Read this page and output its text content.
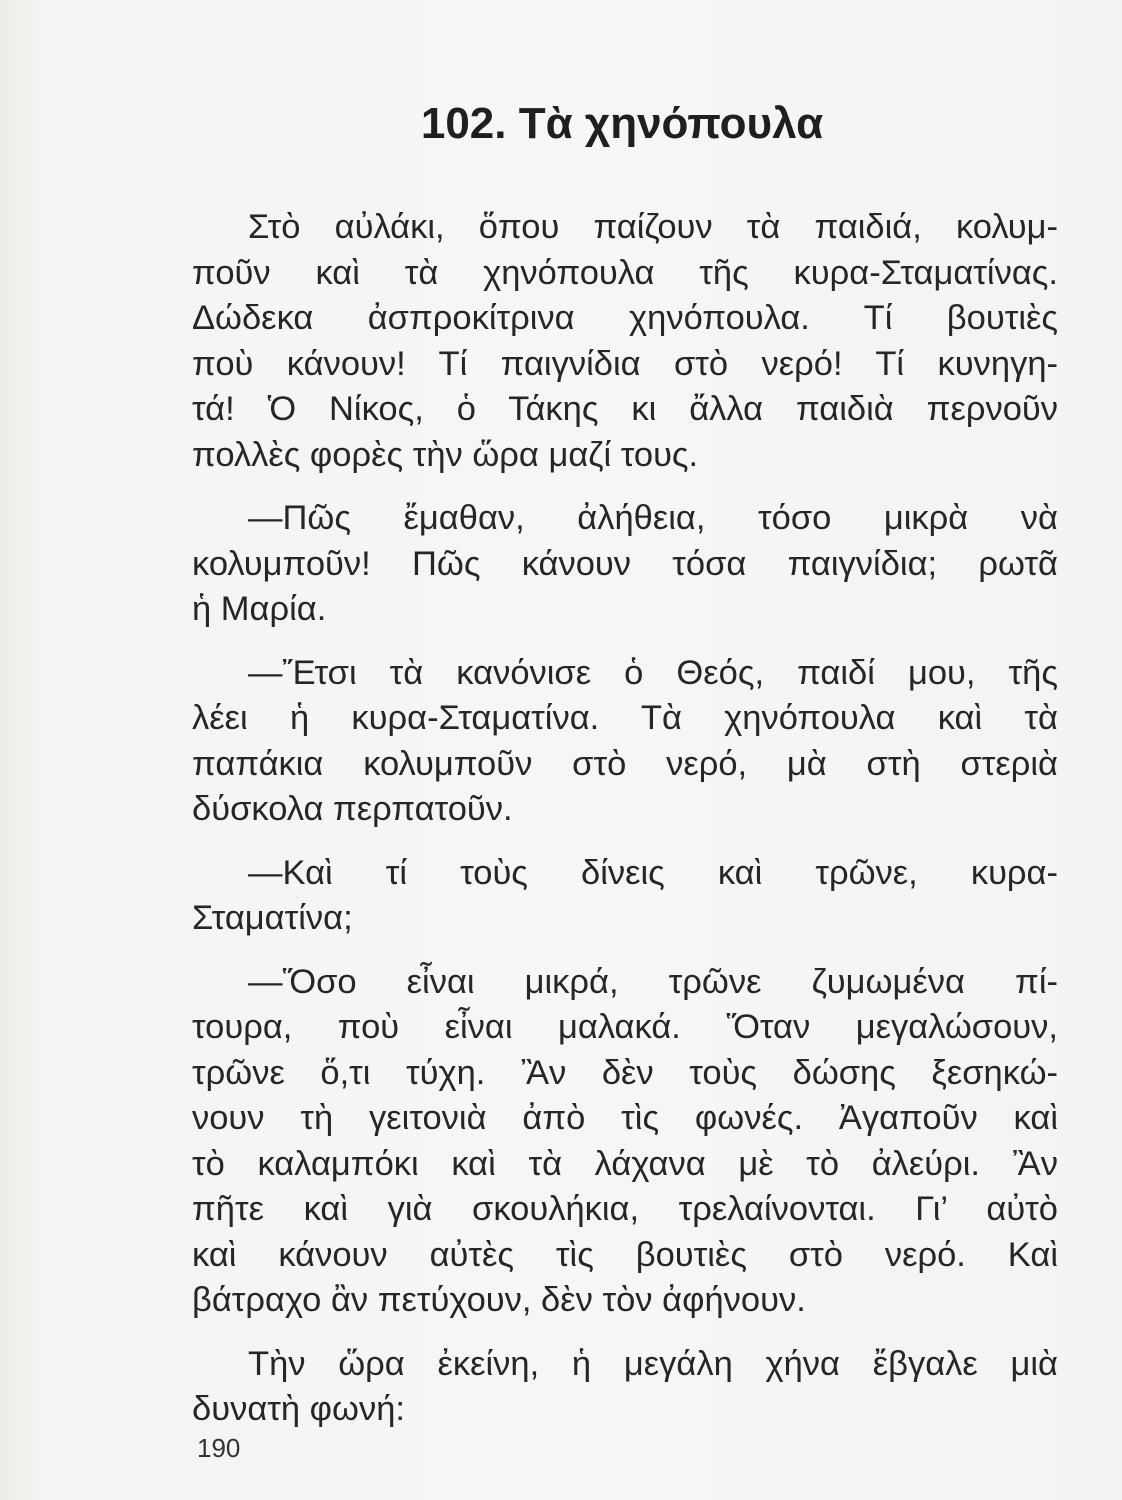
102. Τὰ χηνόπουλα

Στὸ αὐλάκι, ὅπου παίζουν τὰ παιδιά, κολυμ-
ποῦν καὶ τὰ χηνόπουλα τῆς κυρα-Σταματίνας.
Δώδεκα ἀσπροκίτρινα χηνόπουλα. Τί βουτιὲς
ποὺ κάνουν! Τί παιγνίδια στὸ νερό! Τί κυνηγη-
τά! Ὁ Νίκος, ὁ Τάκης κι ἄλλα παιδιὰ περνοῦν
πολλὲς φορὲς τὴν ὥρα μαζί τους.

—Πῶς ἔμαθαν, ἀλήθεια, τόσο μικρὰ νὰ
κολυμποῦν! Πῶς κάνουν τόσα παιγνίδια; ρωτᾶ
ἡ Μαρία.

—Ἔτσι τὰ κανόνισε ὁ Θεός, παιδί μου, τῆς
λέει ἡ κυρα-Σταματίνα. Τὰ χηνόπουλα καὶ τὰ
παπάκια κολυμποῦν στὸ νερό, μὰ στὴ στεριὰ
δύσκολα περπατοῦν.

—Καὶ τί τοὺς δίνεις καὶ τρῶνε, κυρα-
Σταματίνα;

—Ὅσο εἶναι μικρά, τρῶνε ζυμωμένα πί-
τουρα, ποὺ εἶναι μαλακά. Ὅταν μεγαλώσουν,
τρῶνε ὅ,τι τύχη. Ἂν δὲν τοὺς δώσης ξεσηκώ-
νουν τὴ γειτονιὰ ἀπὸ τὶς φωνές. Ἀγαποῦν καὶ
τὸ καλαμπόκι καὶ τὰ λάχανα μὲ τὸ ἀλεύρι. Ἂν
πῆτε καὶ γιὰ σκουλήκια, τρελαίνονται. Γι’ αὐτὸ
καὶ κάνουν αὐτὲς τὶς βουτιὲς στὸ νερό. Καὶ
βάτραχο ἂν πετύχουν, δὲν τὸν ἀφήνουν.

Τὴν ὥρα ἐκείνη, ἡ μεγάλη χήνα ἔβγαλε μιὰ
δυνατὴ φωνή:

190
